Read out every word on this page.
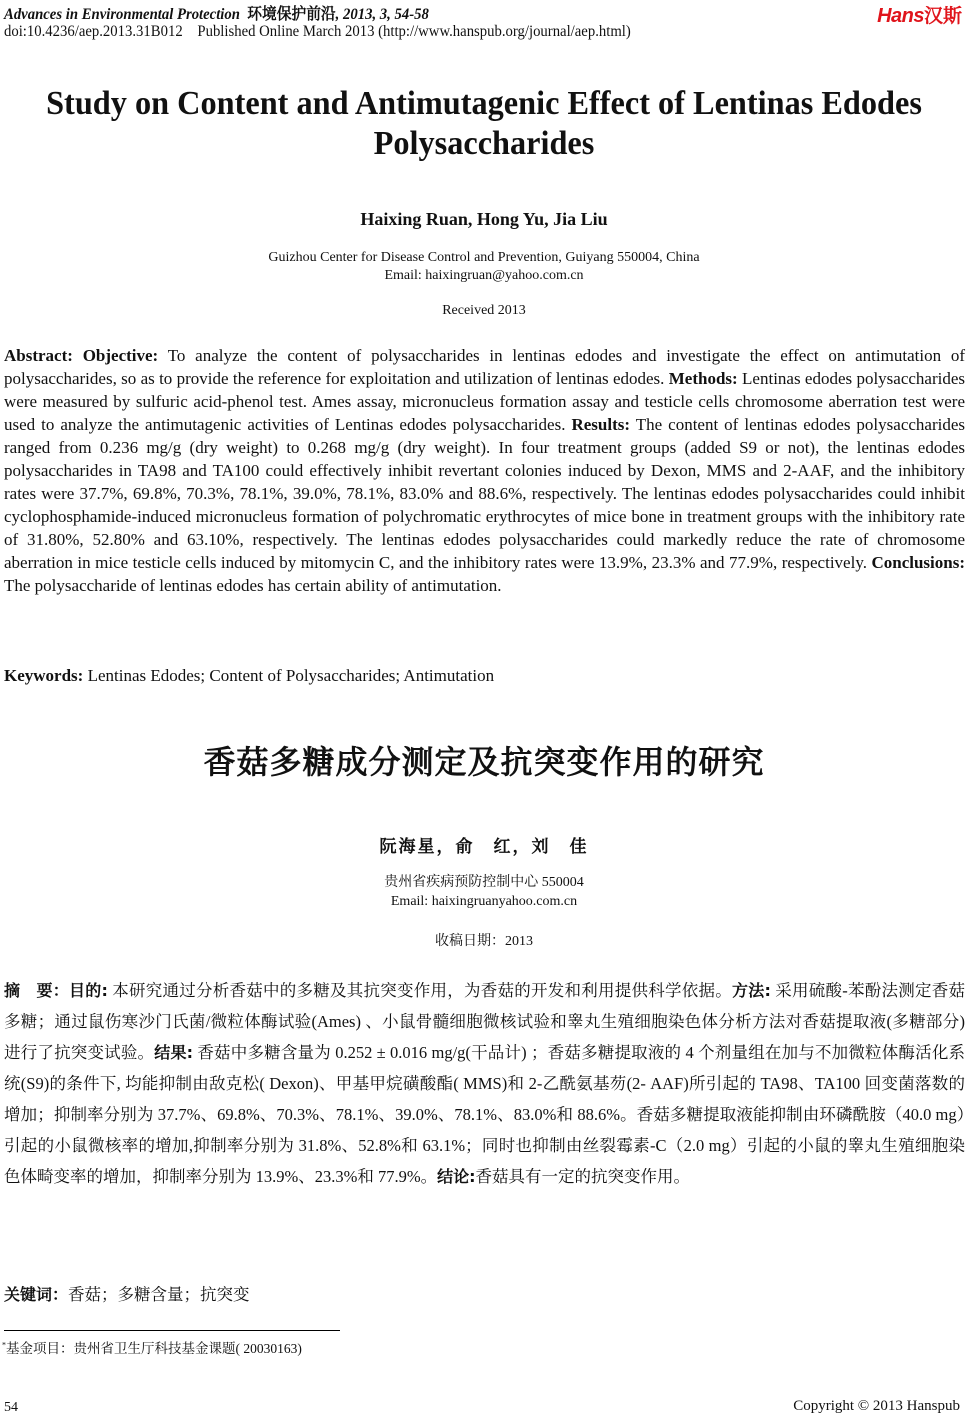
Advances in Environmental Protection 环境保护前沿, 2013, 3, 54-58
doi:10.4236/aep.2013.31B012 Published Online March 2013 (http://www.hanspub.org/journal/aep.html)
Hans汉斯
Study on Content and Antimutagenic Effect of Lentinas Edodes Polysaccharides
Haixing Ruan, Hong Yu, Jia Liu
Guizhou Center for Disease Control and Prevention, Guiyang 550004, China
Email: haixingruan@yahoo.com.cn
Received 2013
Abstract: Objective: To analyze the content of polysaccharides in lentinas edodes and investigate the effect on antimutation of polysaccharides, so as to provide the reference for exploitation and utilization of lentinas edodes. Methods: Lentinas edodes polysaccharides were measured by sulfuric acid-phenol test. Ames assay, micronucleus formation assay and testicle cells chromosome aberration test were used to analyze the antimutagenic activities of Lentinas edodes polysaccharides. Results: The content of lentinas edodes polysaccharides ranged from 0.236 mg/g (dry weight) to 0.268 mg/g (dry weight). In four treatment groups (added S9 or not), the lentinas edodes polysaccharides in TA98 and TA100 could effectively inhibit revertant colonies induced by Dexon, MMS and 2-AAF, and the inhibitory rates were 37.7%, 69.8%, 70.3%, 78.1%, 39.0%, 78.1%, 83.0% and 88.6%, respectively. The lentinas edodes polysaccharides could inhibit cyclophosphamide-induced micronucleus formation of polychromatic erythrocytes of mice bone in treatment groups with the inhibitory rate of 31.80%, 52.80% and 63.10%, respectively. The lentinas edodes polysaccharides could markedly reduce the rate of chromosome aberration in mice testicle cells induced by mitomycin C, and the inhibitory rates were 13.9%, 23.3% and 77.9%, respectively. Conclusions: The polysaccharide of lentinas edodes has certain ability of antimutation.
Keywords: Lentinas Edodes; Content of Polysaccharides; Antimutation
香菇多糖成分测定及抗突变作用的研究
阮海星，俞　红，刘　佳
贵州省疾病预防控制中心 550004
Email: haixingruanyahoo.com.cn
收稿日期：2013
摘　要：目的: 本研究通过分析香菇中的多糖及其抗突变作用，为香菇的开发和利用提供科学依据。方法: 采用硫酸-苯酚法测定香菇多糖；通过鼠伤寒沙门氏菌/微粒体酶试验(Ames) 、小鼠骨髓细胞微核试验和睾丸生殖细胞染色体分析方法对香菇提取液(多糖部分) 进行了抗突变试验。结果: 香菇中多糖含量为 0.252 ± 0.016 mg/g(干品计) ；香菇多糖提取液的 4 个剂量组在加与不加微粒体酶活化系统(S9)的条件下, 均能抑制由敌克松( Dexon)、甲基甲烷磺酸酯( MMS)和 2-乙酰氨基芴(2- AAF)所引起的 TA98、TA100 回变菌落数的增加；抑制率分别为 37.7%、69.8%、70.3%、78.1%、39.0%、78.1%、83.0%和 88.6%。香菇多糖提取液能抑制由环磷酰胺（40.0 mg）引起的小鼠微核率的增加,抑制率分别为 31.8%、52.8%和 63.1%；同时也抑制由丝裂霉素-C（2.0 mg）引起的小鼠的睾丸生殖细胞染色体畸变率的增加，抑制率分别为 13.9%、23.3%和 77.9%。结论:香菇具有一定的抗突变作用。
关键词：香菇；多糖含量；抗突变
*基金项目：贵州省卫生厅科技基金课题( 20030163)
54	Copyright © 2013 Hanspub
